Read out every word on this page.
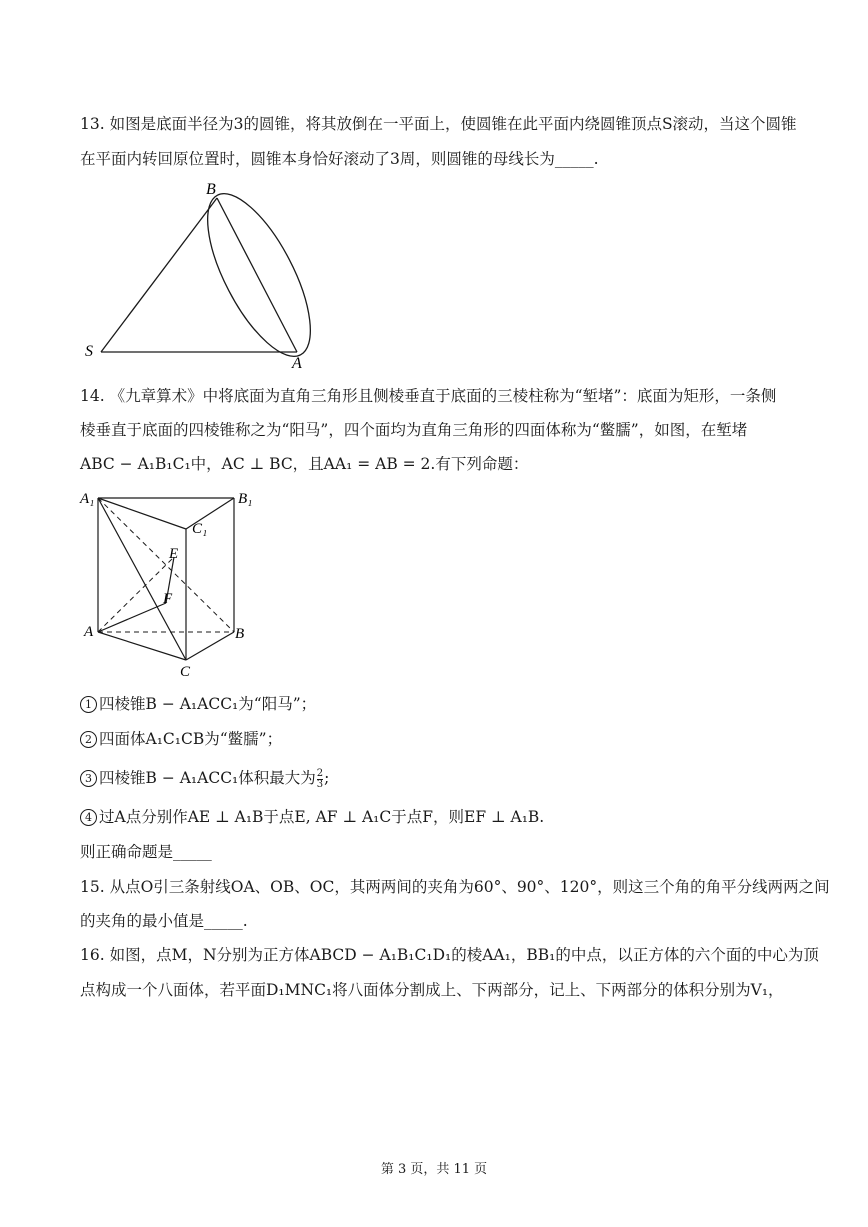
13. 如图是底面半径为3的圆锥，将其放倒在一平面上，使圆锥在此平面内绕圆锥顶点S滚动，当这个圆锥
在平面内转回原位置时，圆锥本身恰好滚动了3周，则圆锥的母线长为_____.
B
S
A
14. 《九章算术》中将底面为直角三角形且侧棱垂直于底面的三棱柱称为“堑堵”：底面为矩形，一条侧
棱垂直于底面的四棱锥称之为“阳马”，四个面均为直角三角形的四面体称为“鳖臑”，如图，在堑堵
ABC − A₁B₁C₁中，AC ⊥ BC，且AA₁ = AB = 2.有下列命题：
A₁	B₁
C₁
E
F
A	B
C
1 四棱锥B − A₁ACC₁为“阳马”；
2 四面体A₁C₁CB为“鳖臑”；
3 四棱锥B − A₁ACC₁体积最大为 $\frac{2}{3}$ ;
4 过A点分别作AE ⊥ A₁B于点E, AF ⊥ A₁C于点F，则EF ⊥ A₁B.
则正确命题是_____
15. 从点O引三条射线OA、OB、OC，其两两间的夹角为60°、90°、120°，则这三个角的角平分线两两之间
的夹角的最小值是_____.
16. 如图，点M，N分别为正方体ABCD − A₁B₁C₁D₁的棱AA₁，BB₁的中点，以正方体的六个面的中心为顶
点构成一个八面体，若平面D₁MNC₁将八面体分割成上、下两部分，记上、下两部分的体积分别为V₁，
第 3 页，共 11 页
